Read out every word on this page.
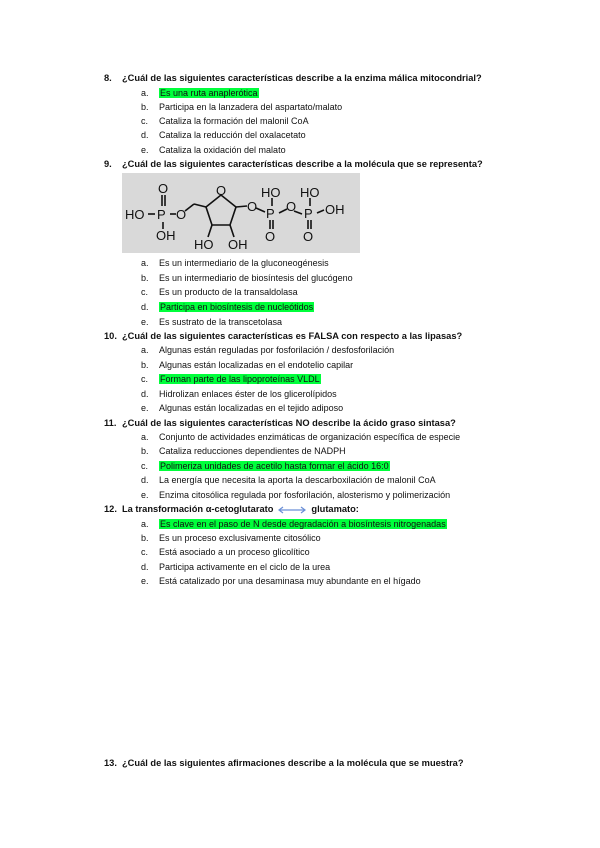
8. ¿Cuál de las siguientes características describe a la enzima málica mitocondrial?
a. Es una ruta anaplerótica
b. Participa en la lanzadera del aspartato/malato
c. Cataliza la formación del malonil CoA
d. Cataliza la reducción del oxalacetato
e. Cataliza la oxidación del malato
9. ¿Cuál de las siguientes características describe a la molécula que se representa?
HO P
O
OH
O
O
HO OH
O
HO
P
O
O
HO
P
O
OH
a. Es un intermediario de la gluconeogénesis
b. Es un intermediario de biosíntesis del glucógeno
c. Es un producto de la transaldolasa
d. Participa en biosíntesis de nucleótidos
e. Es sustrato de la transcetolasa
10. ¿Cuál de las siguientes características es FALSA con respecto a las lipasas?
a. Algunas están reguladas por fosforilación / desfosforilación
b. Algunas están localizadas en el endotelio capilar
c. Forman parte de las lipoproteínas VLDL
d. Hidrolizan enlaces éster de los glicerolípidos
e. Algunas están localizadas en el tejido adiposo
11. ¿Cuál de las siguientes características NO describe la ácido graso sintasa?
a. Conjunto de actividades enzimáticas de organización específica de especie
b. Cataliza reducciones dependientes de NADPH
c. Polimeriza unidades de acetilo hasta formar el ácido 16:0
d. La energía que necesita la aporta la descarboxilación de malonil CoA
e. Enzima citosólica regulada por fosforilación, alosterismo y polimerización
12. La transformación α-cetoglutarato	glutamato:
a. Es clave en el paso de N desde degradación a biosíntesis nitrogenadas
b. Es un proceso exclusivamente citosólico
c. Está asociado a un proceso glicolítico
d. Participa activamente en el ciclo de la urea
e. Está catalizado por una desaminasa muy abundante en el hígado
13. ¿Cuál de las siguientes afirmaciones describe a la molécula que se muestra?
